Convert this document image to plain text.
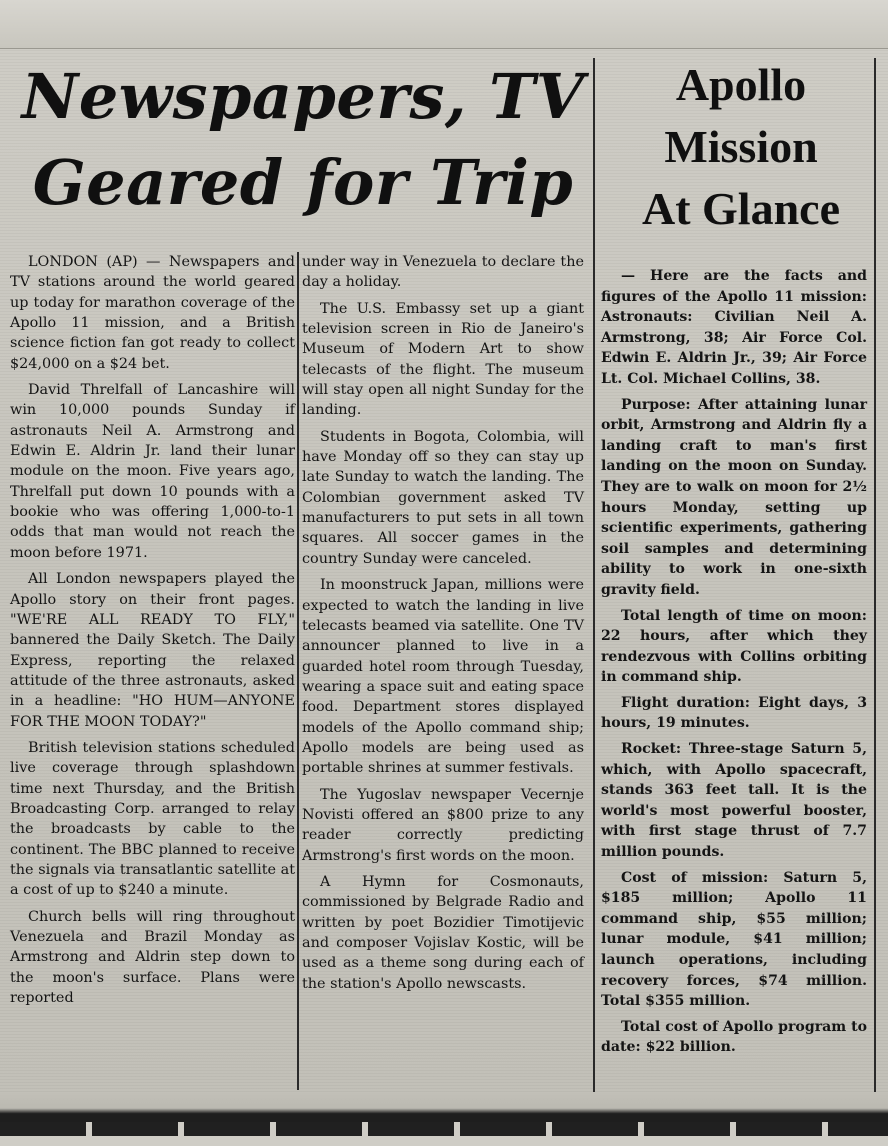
Newspapers, TV
Geared for Trip
Apollo
Mission
At Glance

LONDON (AP) — Newspapers and TV stations around the world geared up today for marathon coverage of the Apollo 11 mission, and a British science fiction fan got ready to collect $24,000 on a $24 bet.

David Threlfall of Lancashire will win 10,000 pounds Sunday if astronauts Neil A. Armstrong and Edwin E. Aldrin Jr. land their lunar module on the moon. Five years ago, Threlfall put down 10 pounds with a bookie who was offering 1,000-to-1 odds that man would not reach the moon before 1971.

All London newspapers played the Apollo story on their front pages. "WE'RE ALL READY TO FLY," bannered the Daily Sketch. The Daily Express, reporting the relaxed attitude of the three astronauts, asked in a headline: "HO HUM—ANYONE FOR THE MOON TODAY?"

British television stations scheduled live coverage through splashdown time next Thursday, and the British Broadcasting Corp. arranged to relay the broadcasts by cable to the continent. The BBC planned to receive the signals via transatlantic satellite at a cost of up to $240 a minute.

Church bells will ring throughout Venezuela and Brazil Monday as Armstrong and Aldrin step down to the moon's surface. Plans were reported

under way in Venezuela to declare the day a holiday.

The U.S. Embassy set up a giant television screen in Rio de Janeiro's Museum of Modern Art to show telecasts of the flight. The museum will stay open all night Sunday for the landing.

Students in Bogota, Colombia, will have Monday off so they can stay up late Sunday to watch the landing. The Colombian government asked TV manufacturers to put sets in all town squares. All soccer games in the country Sunday were canceled.

In moonstruck Japan, millions were expected to watch the landing in live telecasts beamed via satellite. One TV announcer planned to live in a guarded hotel room through Tuesday, wearing a space suit and eating space food. Department stores displayed models of the Apollo command ship; Apollo models are being used as portable shrines at summer festivals.

The Yugoslav newspaper Vecernje Novisti offered an $800 prize to any reader correctly predicting Armstrong's first words on the moon.

A Hymn for Cosmonauts, commissioned by Belgrade Radio and written by poet Bozidier Timotijevic and composer Vojislav Kostic, will be used as a theme song during each of the station's Apollo newscasts.

— Here are the facts and figures of the Apollo 11 mission: Astronauts: Civilian Neil A. Armstrong, 38; Air Force Col. Edwin E. Aldrin Jr., 39; Air Force Lt. Col. Michael Collins, 38.

Purpose: After attaining lunar orbit, Armstrong and Aldrin fly a landing craft to man's first landing on the moon on Sunday. They are to walk on moon for 2½ hours Monday, setting up scientific experiments, gathering soil samples and determining ability to work in one-sixth gravity field.

Total length of time on moon: 22 hours, after which they rendezvous with Collins orbiting in command ship.

Flight duration: Eight days, 3 hours, 19 minutes.

Rocket: Three-stage Saturn 5, which, with Apollo spacecraft, stands 363 feet tall. It is the world's most powerful booster, with first stage thrust of 7.7 million pounds.

Cost of mission: Saturn 5, $185 million; Apollo 11 command ship, $55 million; lunar module, $41 million; launch operations, including recovery forces, $74 million. Total $355 million.

Total cost of Apollo program to date: $22 billion.
